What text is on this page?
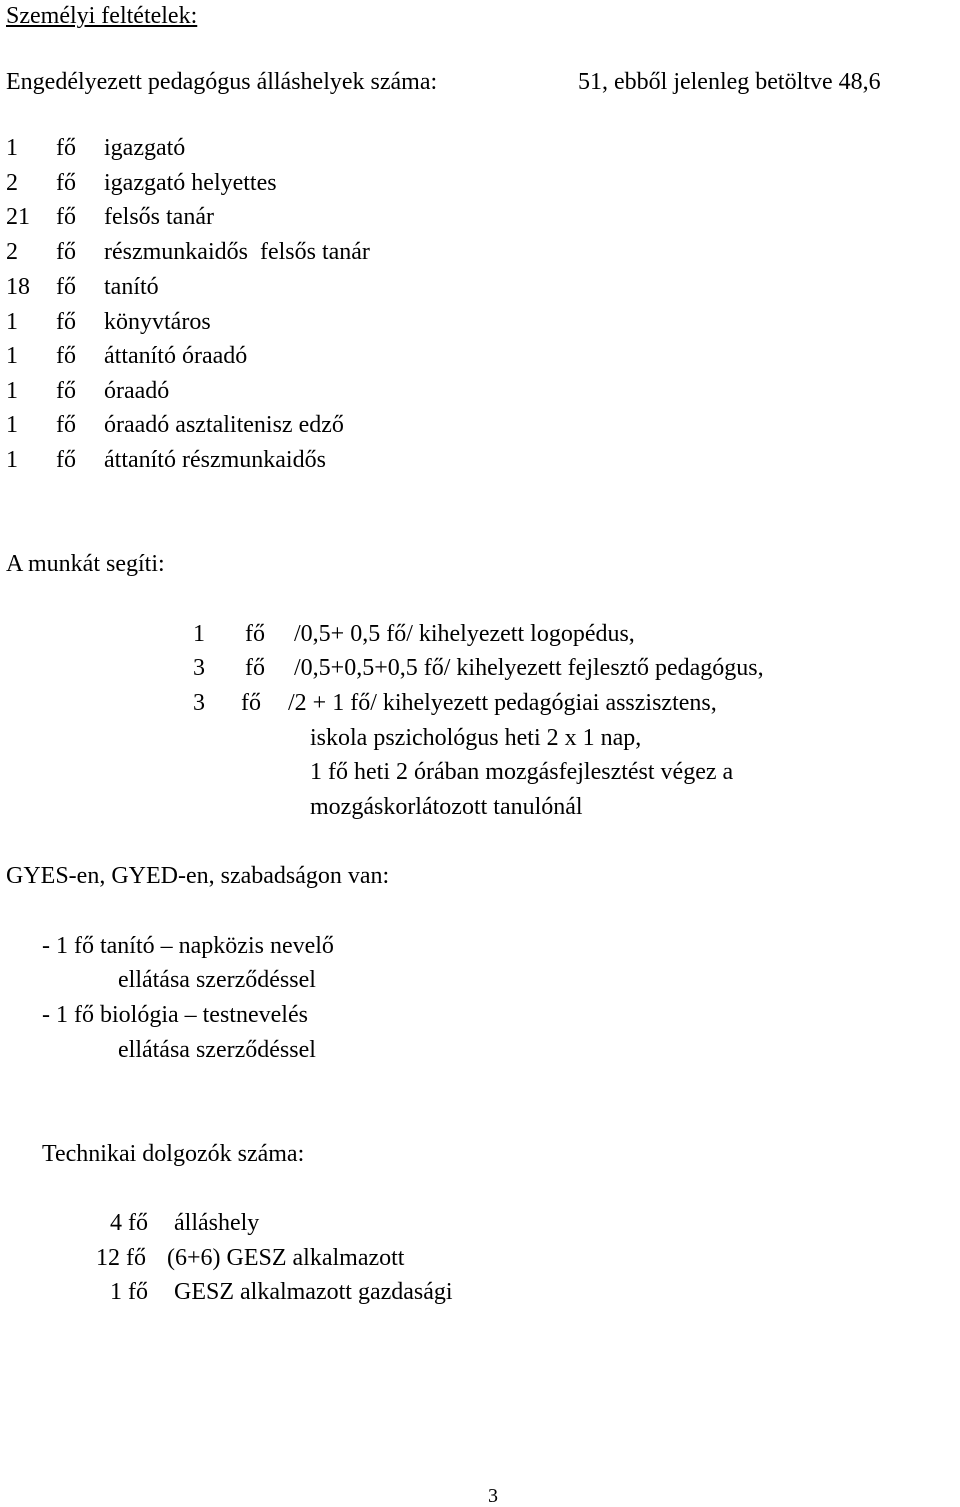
Személyi feltételek:
Engedélyezett pedagógus álláshelyek száma:	51, ebből jelenleg betöltve 48,6
1 fő igazgató
2 fő igazgató helyettes
21 fő felsős tanár
2 fő részmunkaidős  felsős tanár
18 fő tanító
1 fő könyvtáros
1 fő áttanító óraadó
1 fő óraadó
1 fő óraadó asztalitenisz edző
1 fő áttanító részmunkaidős
A munkát segíti:
1 fő /0,5+ 0,5 fő/ kihelyezett logopédus,
3 fő /0,5+0,5+0,5 fő/ kihelyezett fejlesztő pedagógus,
3 fő /2 + 1 fő/ kihelyezett pedagógiai asszisztens,
iskola pszichológus heti 2 x 1 nap,
1 fő heti 2 órában mozgásfejlesztést végez a
mozgáskorlátozott tanulónál
GYES-en, GYED-en, szabadságon van:
- 1 fő tanító – napközis nevelő
ellátása szerződéssel
- 1 fő biológia – testnevelés
ellátása szerződéssel
Technikai dolgozók száma:
4 fő álláshely
12 fő (6+6) GESZ alkalmazott
1 fő GESZ alkalmazott gazdasági
3
